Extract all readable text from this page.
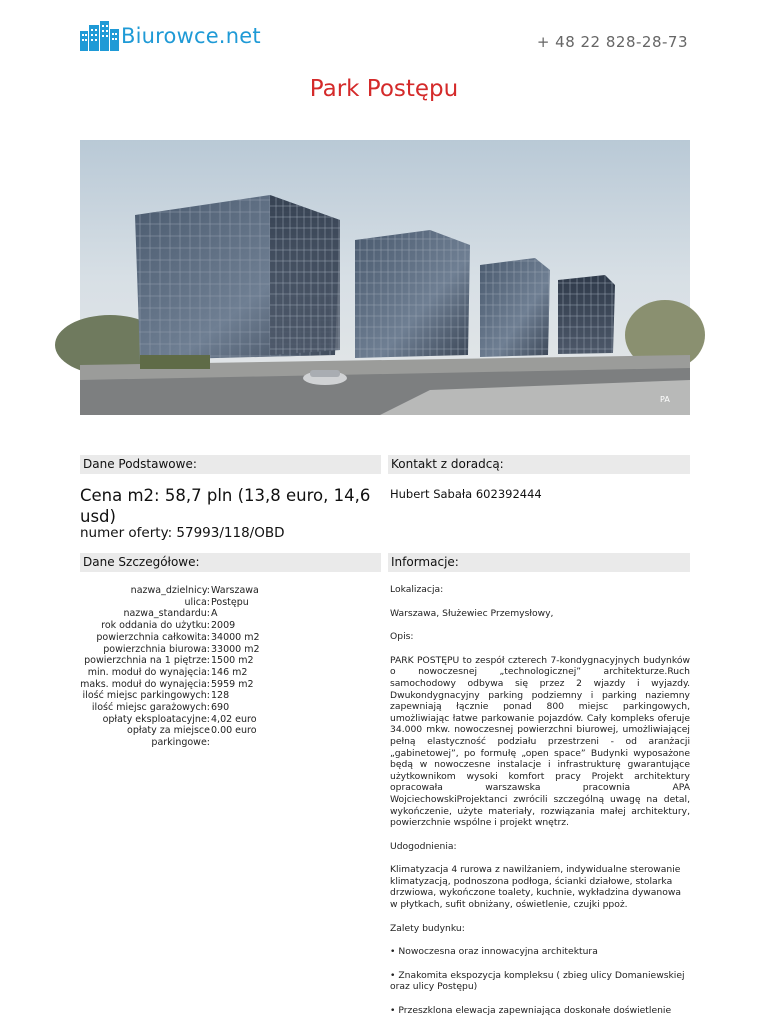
Biurowce.net	+ 48 22 828-28-73
Park Postępu
PA
Dane Podstawowe:	Kontakt z doradcą:
Cena m2: 58,7 pln (13,8 euro, 14,6 usd)
numer oferty: 57993/118/OBD
Hubert Sabała 602392444
Dane Szczegółowe:	Informacje:
nazwa_dzielnicy: Warszawa
ulica: Postępu
nazwa_standardu: A
rok oddania do użytku: 2009
powierzchnia całkowita: 34000 m2
powierzchnia biurowa: 33000 m2
powierzchnia na 1 piętrze: 1500 m2
min. moduł do wynajęcia: 146 m2
maks. moduł do wynajęcia: 5959 m2
ilość miejsc parkingowych: 128
ilość miejsc garażowych: 690
opłaty eksploatacyjne: 4,02 euro
opłaty za miejsce parkingowe:
0.00 euro

Lokalizacja:

Warszawa, Służewiec Przemysłowy,

Opis:

PARK POSTĘPU to zespół czterech 7-kondygnacyjnych budynków o nowoczesnej „technologicznej” architekturze.Ruch samochodowy odbywa się przez 2 wjazdy i wyjazdy. Dwukondygnacyjny parking podziemny i parking naziemny zapewniają łącznie ponad 800 miejsc parkingowych, umożliwiając łatwe parkowanie pojazdów. Cały kompleks oferuje 34.000 mkw. nowoczesnej powierzchni biurowej, umożliwiającej pełną elastyczność podziału przestrzeni - od aranżacji „gabinetowej”, po formułę „open space” Budynki wyposażone będą w nowoczesne instalacje i infrastrukturę gwarantujące użytkownikom wysoki komfort pracy Projekt architektury opracowała warszawska pracownia APA WojciechowskiProjektanci zwrócili szczególną uwagę na detal, wykończenie, użyte materiały, rozwiązania małej architektury, powierzchnie wspólne i projekt wnętrz.

Udogodnienia:

Klimatyzacja 4 rurowa z nawilżaniem, indywidualne sterowanie klimatyzacją, podnoszona podłoga, ścianki działowe, stolarka drzwiowa, wykończone toalety, kuchnie, wykładzina dywanowa w płytkach, sufit obniżany, oświetlenie, czujki ppoż.

Zalety budynku:

• Nowoczesna oraz innowacyjna architektura

• Znakomita ekspozycja kompleksu ( zbieg ulicy Domaniewskiej oraz ulicy Postępu)

• Przeszklona elewacja zapewniająca doskonałe doświetlenie
